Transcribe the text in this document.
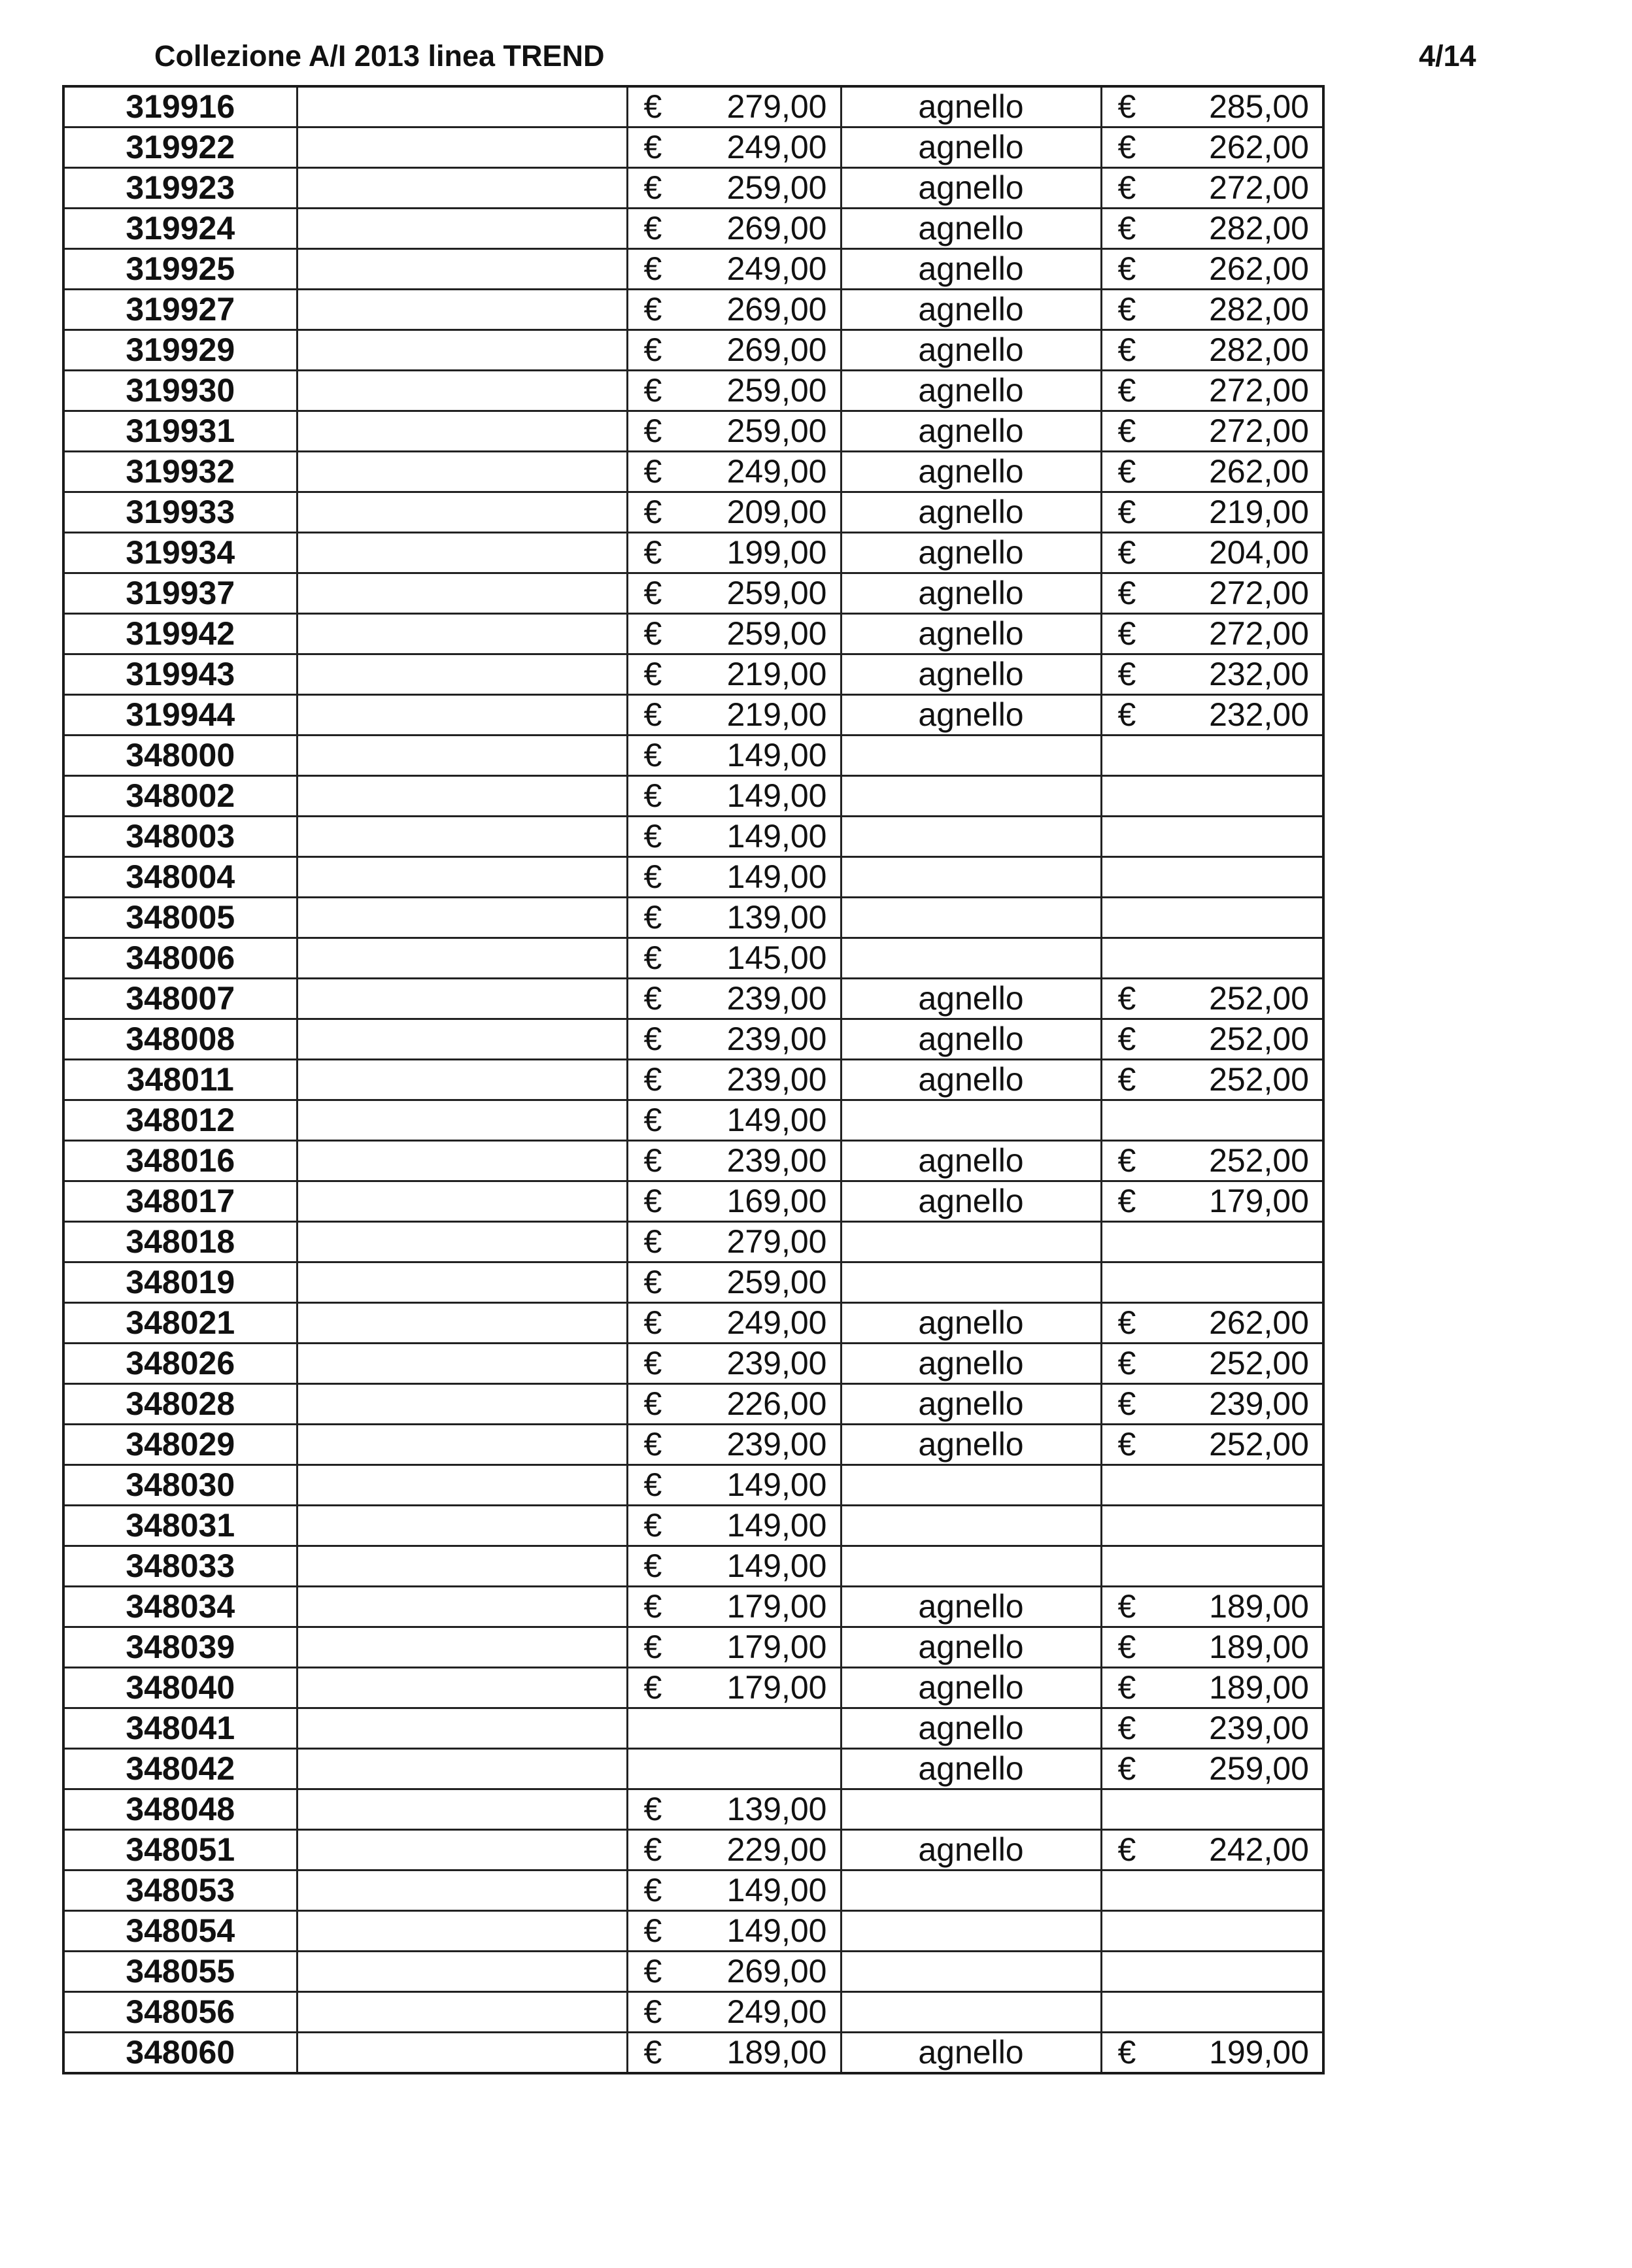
Collezione A/I 2013 linea TREND	4/14
319916		€ 279,00	agnello	€ 285,00

319922		€ 249,00	agnello	€ 262,00

319923		€ 259,00	agnello	€ 272,00

319924		€ 269,00	agnello	€ 282,00

319925		€ 249,00	agnello	€ 262,00

319927		€ 269,00	agnello	€ 282,00

319929		€ 269,00	agnello	€ 282,00

319930		€ 259,00	agnello	€ 272,00

319931		€ 259,00	agnello	€ 272,00

319932		€ 249,00	agnello	€ 262,00

319933		€ 209,00	agnello	€ 219,00

319934		€ 199,00	agnello	€ 204,00

319937		€ 259,00	agnello	€ 272,00

319942		€ 259,00	agnello	€ 272,00

319943		€ 219,00	agnello	€ 232,00

319944		€ 219,00	agnello	€ 232,00

348000		€ 149,00		

348002		€ 149,00		

348003		€ 149,00		

348004		€ 149,00		

348005		€ 139,00		

348006		€ 145,00		

348007		€ 239,00	agnello	€ 252,00

348008		€ 239,00	agnello	€ 252,00

348011		€ 239,00	agnello	€ 252,00

348012		€ 149,00		

348016		€ 239,00	agnello	€ 252,00

348017		€ 169,00	agnello	€ 179,00

348018		€ 279,00		

348019		€ 259,00		

348021		€ 249,00	agnello	€ 262,00

348026		€ 239,00	agnello	€ 252,00

348028		€ 226,00	agnello	€ 239,00

348029		€ 239,00	agnello	€ 252,00

348030		€ 149,00		

348031		€ 149,00		

348033		€ 149,00		

348034		€ 179,00	agnello	€ 189,00

348039		€ 179,00	agnello	€ 189,00

348040		€ 179,00	agnello	€ 189,00

348041			agnello	€ 239,00

348042			agnello	€ 259,00

348048		€ 139,00		

348051		€ 229,00	agnello	€ 242,00

348053		€ 149,00		

348054		€ 149,00		

348055		€ 269,00		

348056		€ 249,00		

348060		€ 189,00	agnello	€ 199,00
